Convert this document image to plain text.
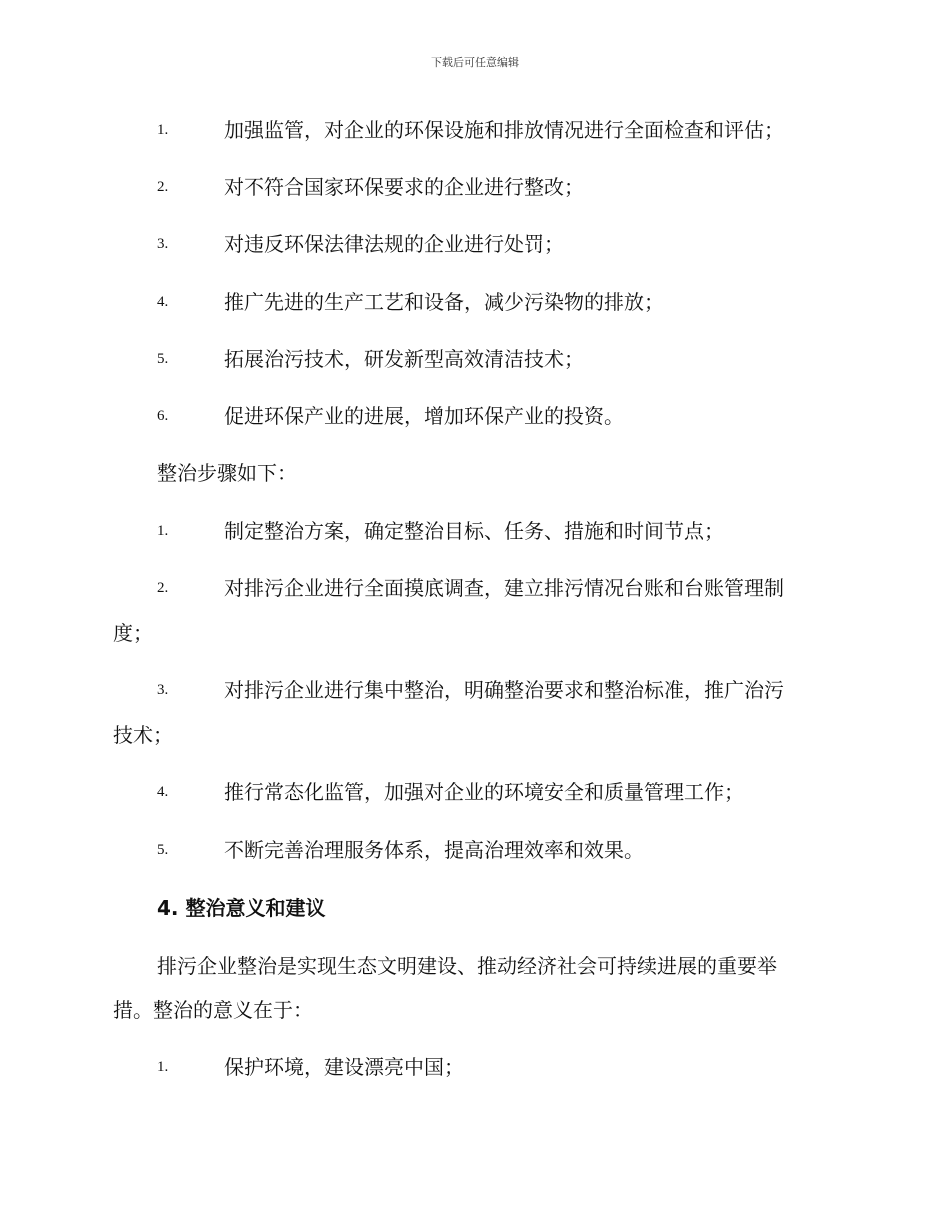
下载后可任意编辑
1.	加强监管，对企业的环保设施和排放情况进行全面检查和评估；
2.	对不符合国家环保要求的企业进行整改；
3.	对违反环保法律法规的企业进行处罚；
4.	推广先进的生产工艺和设备，减少污染物的排放；
5.	拓展治污技术，研发新型高效清洁技术；
6.	促进环保产业的进展，增加环保产业的投资。
整治步骤如下：
1.	制定整治方案，确定整治目标、任务、措施和时间节点；
2.	对排污企业进行全面摸底调查，建立排污情况台账和台账管理制
度；
3.	对排污企业进行集中整治，明确整治要求和整治标准，推广治污
技术；
4.	推行常态化监管，加强对企业的环境安全和质量管理工作；
5.	不断完善治理服务体系，提高治理效率和效果。
4. 整治意义和建议
排污企业整治是实现生态文明建设、推动经济社会可持续进展的重要举
措。整治的意义在于：
1.	保护环境，建设漂亮中国；
